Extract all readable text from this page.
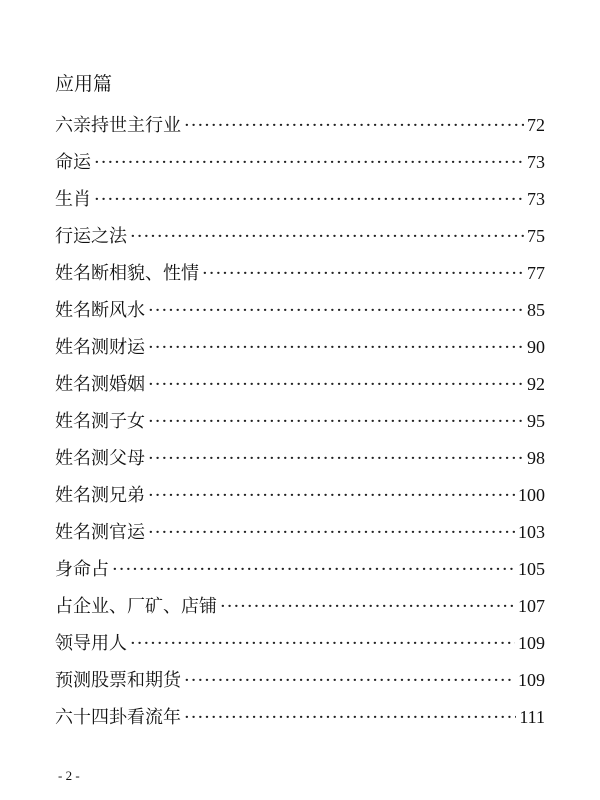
应用篇
六亲持世主行业 ·····	72
命运 ·····	73
生肖 ·····	73
行运之法 ·····	75
姓名断相貌、性情 ·····	77
姓名断风水 ·····	85
姓名测财运 ·····	90
姓名测婚姻 ·····	92
姓名测子女 ·····	95
姓名测父母 ·····	98
姓名测兄弟 ·····	100
姓名测官运 ·····	103
身命占 ·····	105
占企业、厂矿、店铺 ·····	107
领导用人 ·····	109
预测股票和期货 ·····	109
六十四卦看流年 ·····	111
- 2 -
